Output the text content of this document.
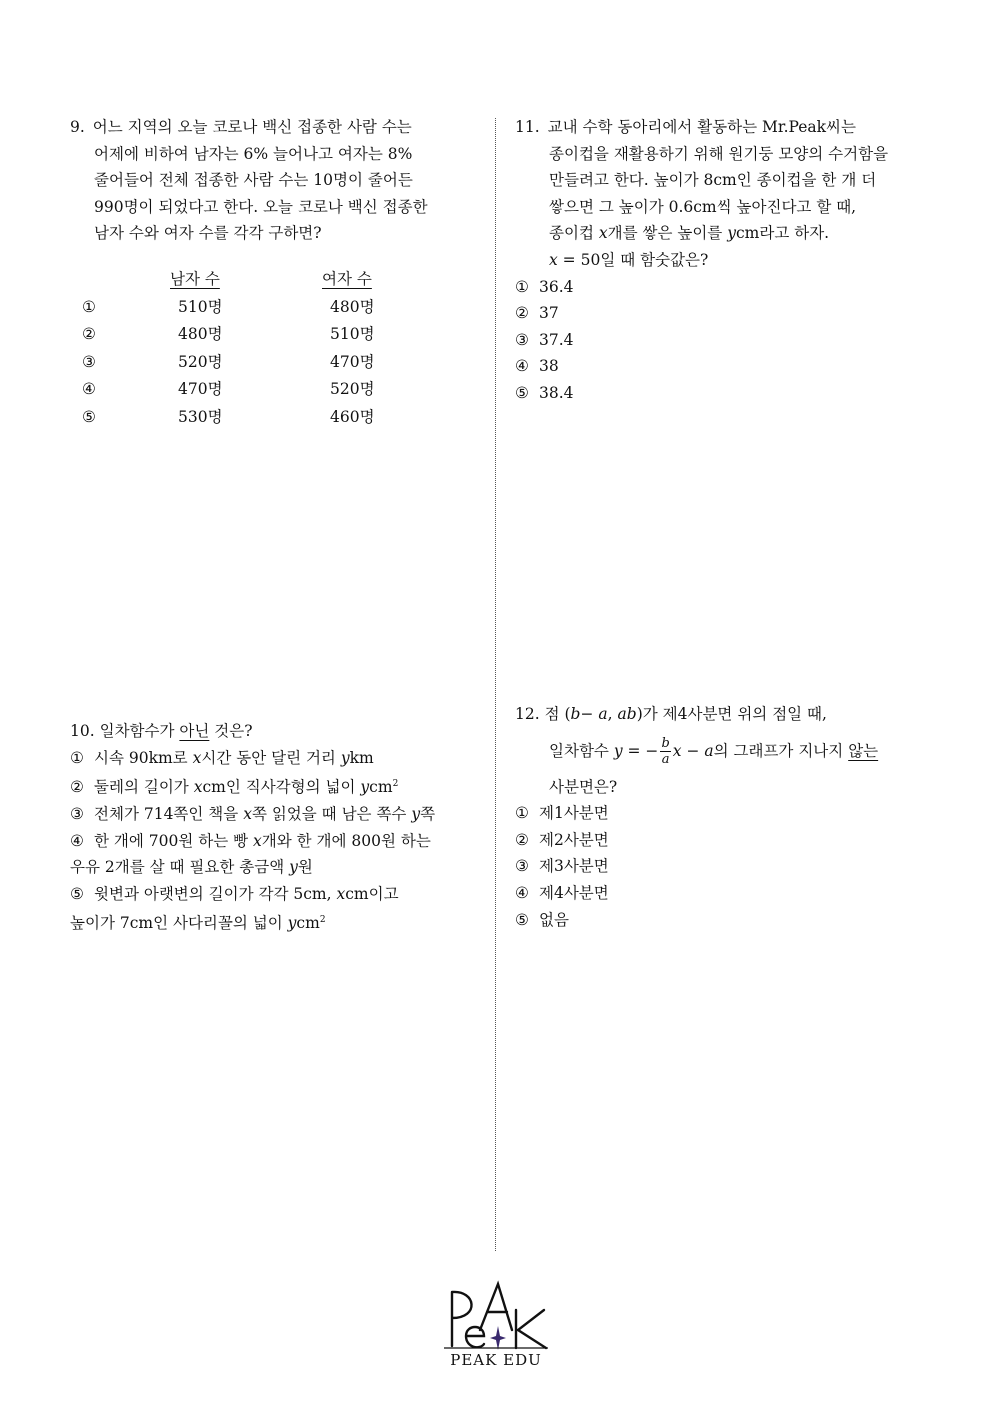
9. 어느 지역의 오늘 코로나 백신 접종한 사람 수는
어제에 비하여 남자는 6% 늘어나고 여자는 8%
줄어들어 전체 접종한 사람 수는 10명이 줄어든
990명이 되었다고 한다. 오늘 코로나 백신 접종한
남자 수와 여자 수를 각각 구하면?
남자 수	여자 수
①	510명	480명
②	480명	510명
③	520명	470명
④	470명	520명
⑤	530명	460명
10. 일차함수가 아닌 것은?
① 시속 90km로 x시간 동안 달린 거리 ykm
② 둘레의 길이가 xcm인 직사각형의 넓이 ycm$^2$
③ 전체가 714쪽인 책을 x쪽 읽었을 때 남은 쪽수 y쪽
④ 한 개에 700원 하는 빵 x개와 한 개에 800원 하는
우유 2개를 살 때 필요한 총금액 y원
⑤ 윗변과 아랫변의 길이가 각각 5cm, xcm이고
높이가 7cm인 사다리꼴의 넓이 ycm$^2$
11. 교내 수학 동아리에서 활동하는 Mr.Peak씨는
종이컵을 재활용하기 위해 원기둥 모양의 수거함을
만들려고 한다. 높이가 8cm인 종이컵을 한 개 더
쌓으면 그 높이가 0.6cm씩 높아진다고 할 때,
종이컵 x개를 쌓은 높이를 ycm라고 하자.
x = 50일 때 함숫값은?
① 36.4
② 37
③ 37.4
④ 38
⑤ 38.4
12. 점 (b− a, ab)가 제4사분면 위의 점일 때,
일차함수 y = − $\frac{b}{a}$ x − a의 그래프가 지나지 않는
사분면은?
① 제1사분면
② 제2사분면
③ 제3사분면
④ 제4사분면
⑤ 없음
PEAK EDU
